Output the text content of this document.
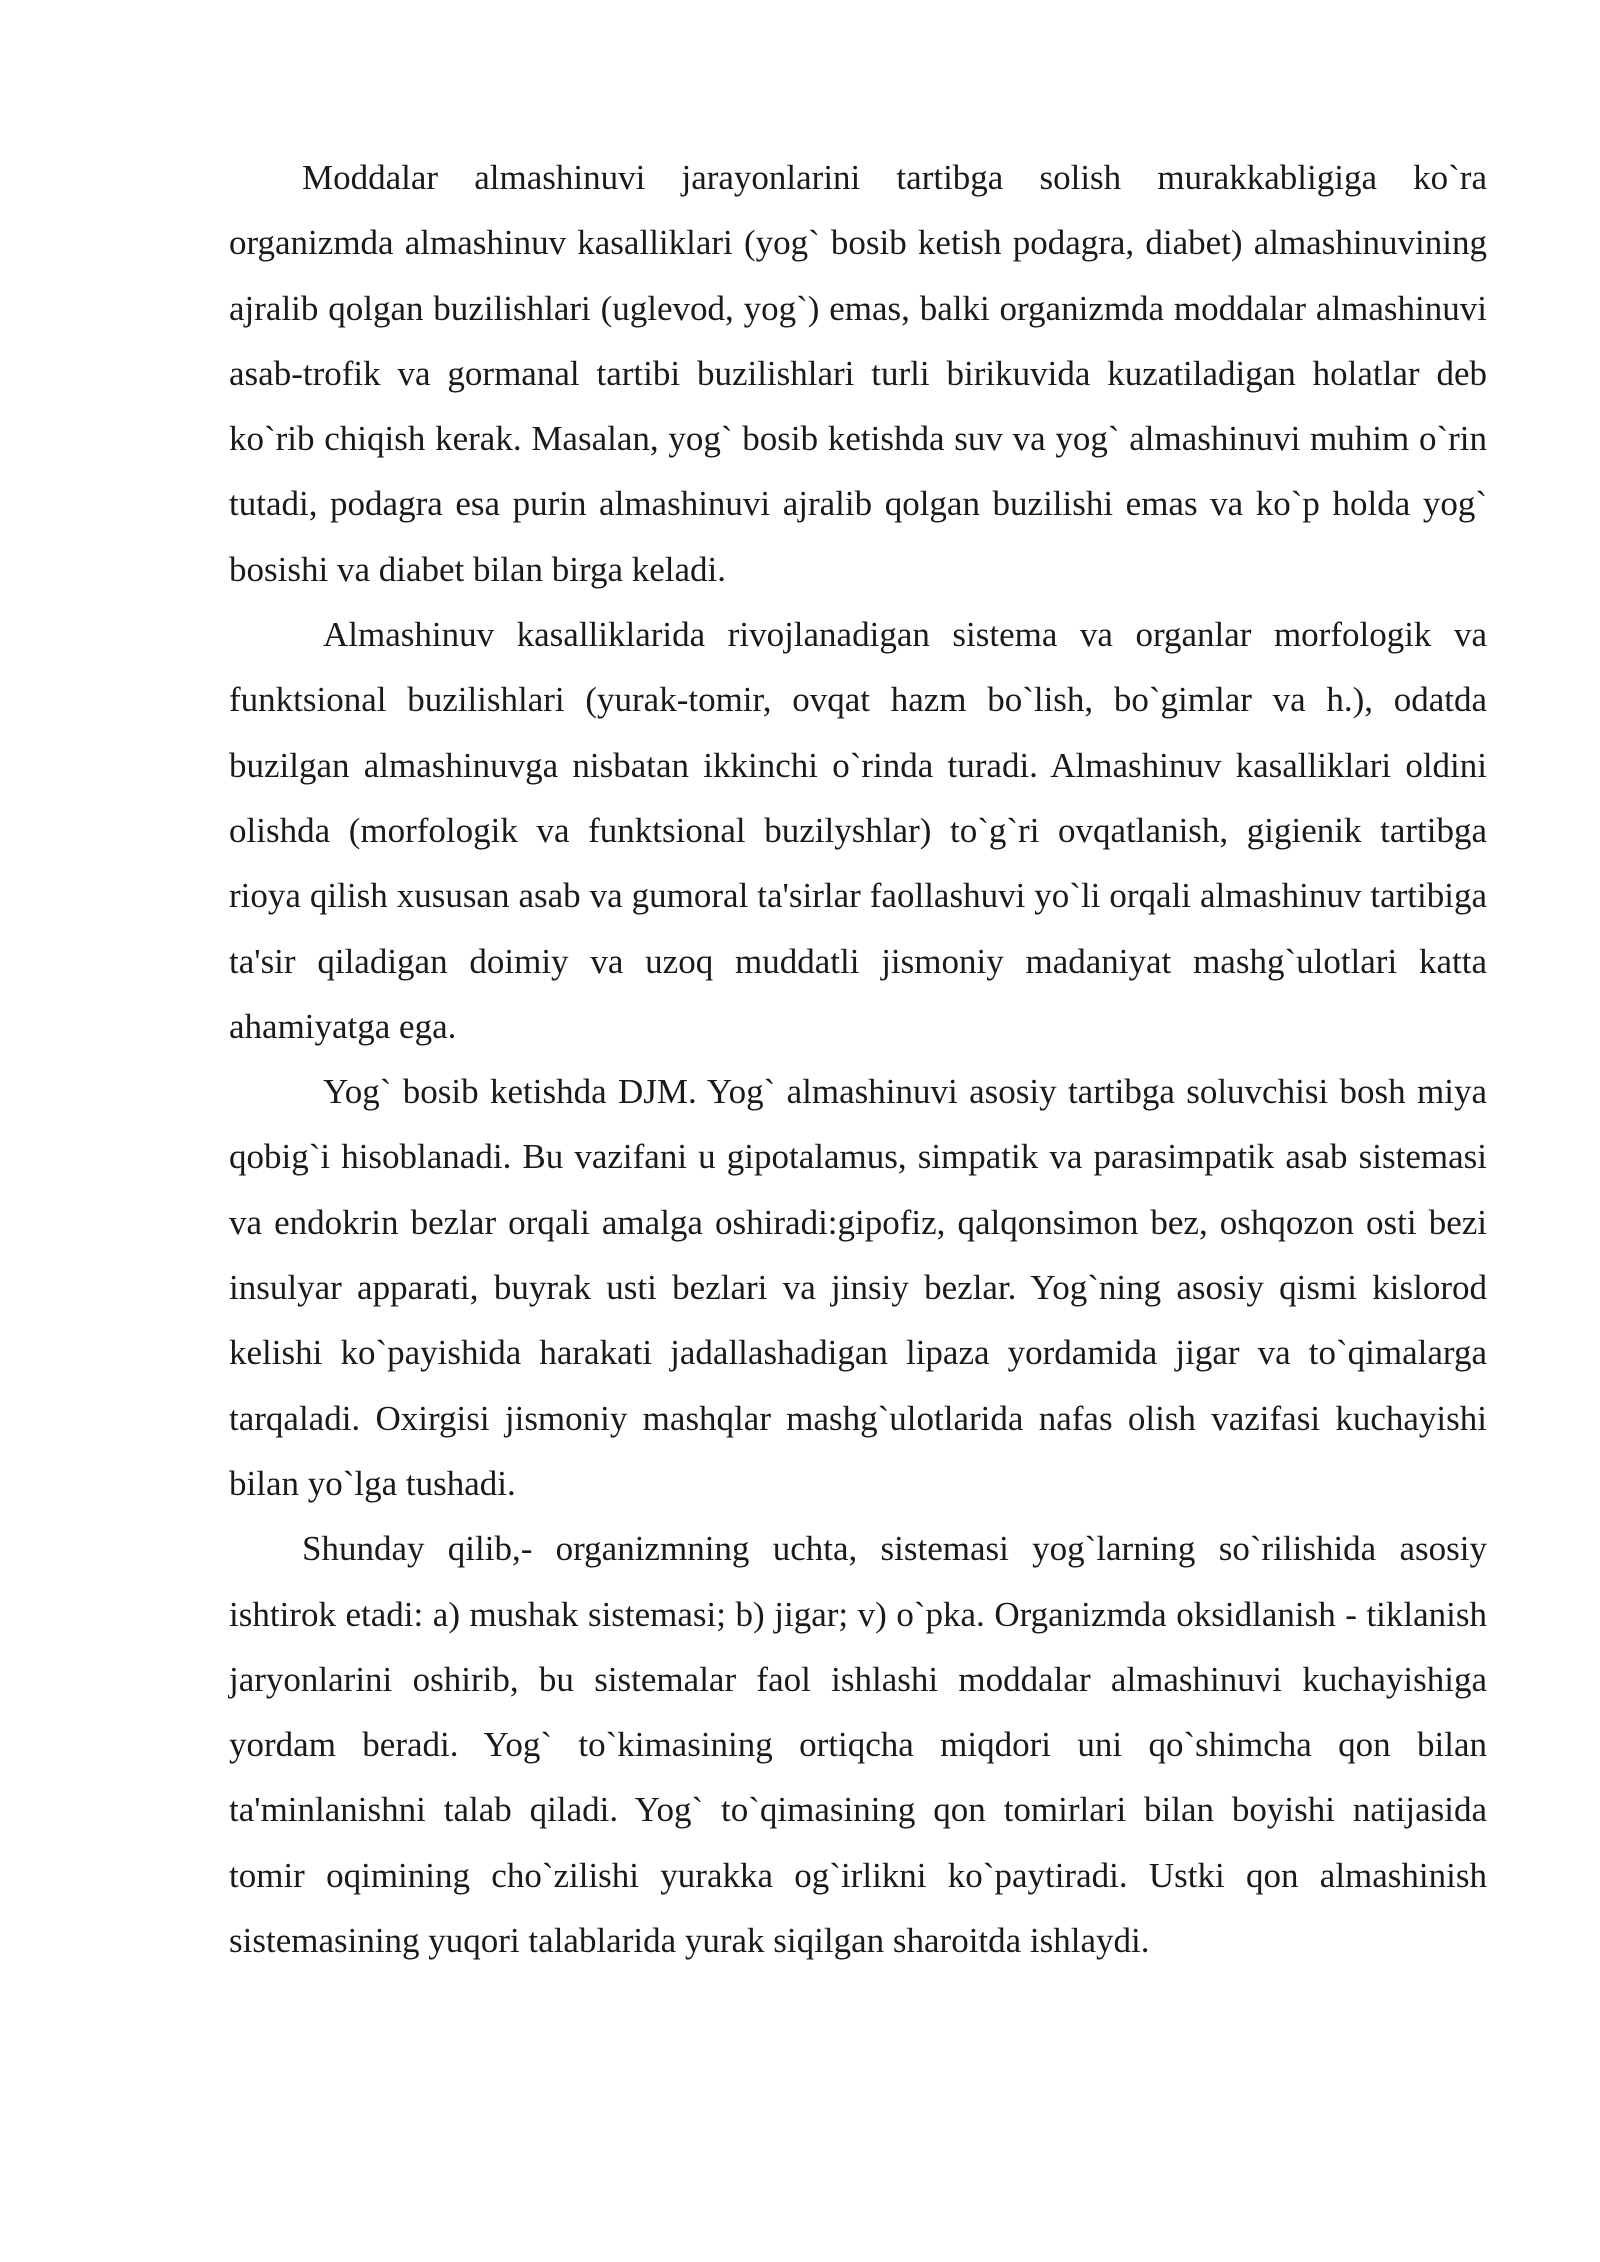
Moddalar almashinuvi jarayonlarini tartibga solish murakkabligiga ko`ra organizmda almashinuv kasalliklari (yog` bosib ketish podagra, diabet) almashinuvining ajralib qolgan buzilishlari (uglevod, yog`) emas, balki organizmda moddalar almashinuvi asab-trofik va gormanal tartibi buzilishlari turli birikuvida kuzatiladigan holatlar deb ko`rib chiqish kerak. Masalan, yog` bosib ketishda suv va yog` almashinuvi muhim o`rin tutadi, podagra esa purin almashinuvi ajralib qolgan buzilishi emas va ko`p holda yog` bosishi va diabet bilan birga keladi.

Almashinuv kasalliklarida rivojlanadigan sistema va organlar morfologik va funktsional buzilishlari (yurak-tomir, ovqat hazm bo`lish, bo`gimlar va h.), odatda buzilgan almashinuvga nisbatan ikkinchi o`rinda turadi. Almashinuv kasalliklari oldini olishda (morfologik va funktsional buzilyshlar) to`g`ri ovqatlanish, gigienik tartibga rioya qilish xususan asab va gumoral ta'sirlar faollashuvi yo`li orqali almashinuv tartibiga ta'sir qiladigan doimiy va uzoq muddatli jismoniy madaniyat mashg`ulotlari katta ahamiyatga ega.

Yog` bosib ketishda DJM. Yog` almashinuvi asosiy tartibga soluvchisi bosh miya qobig`i hisoblanadi. Bu vazifani u gipotalamus, simpatik va parasimpatik asab sistemasi va endokrin bezlar orqali amalga oshiradi:gipofiz, qalqonsimon bez, oshqozon osti bezi insulyar apparati, buyrak usti bezlari va jinsiy bezlar. Yog`ning asosiy qismi kislorod kelishi ko`payishida harakati jadallashadigan lipaza yordamida jigar va to`qimalarga tarqaladi. Oxirgisi jismoniy mashqlar mashg`ulotlarida nafas olish vazifasi kuchayishi bilan yo`lga tushadi.

Shunday qilib,- organizmning uchta, sistemasi yog`larning so`rilishida asosiy ishtirok etadi: a) mushak sistemasi; b) jigar; v) o`pka. Organizmda oksidlanish - tiklanish jaryonlarini oshirib, bu sistemalar faol ishlashi moddalar almashinuvi kuchayishiga yordam beradi. Yog` to`kimasining ortiqcha miqdori uni qo`shimcha qon bilan ta'minlanishni talab qiladi. Yog` to`qimasining qon tomirlari bilan boyishi natijasida tomir oqimining cho`zilishi yurakka og`irlikni ko`paytiradi. Ustki qon almashinish sistemasining yuqori talablarida yurak siqilgan sharoitda ishlaydi.
